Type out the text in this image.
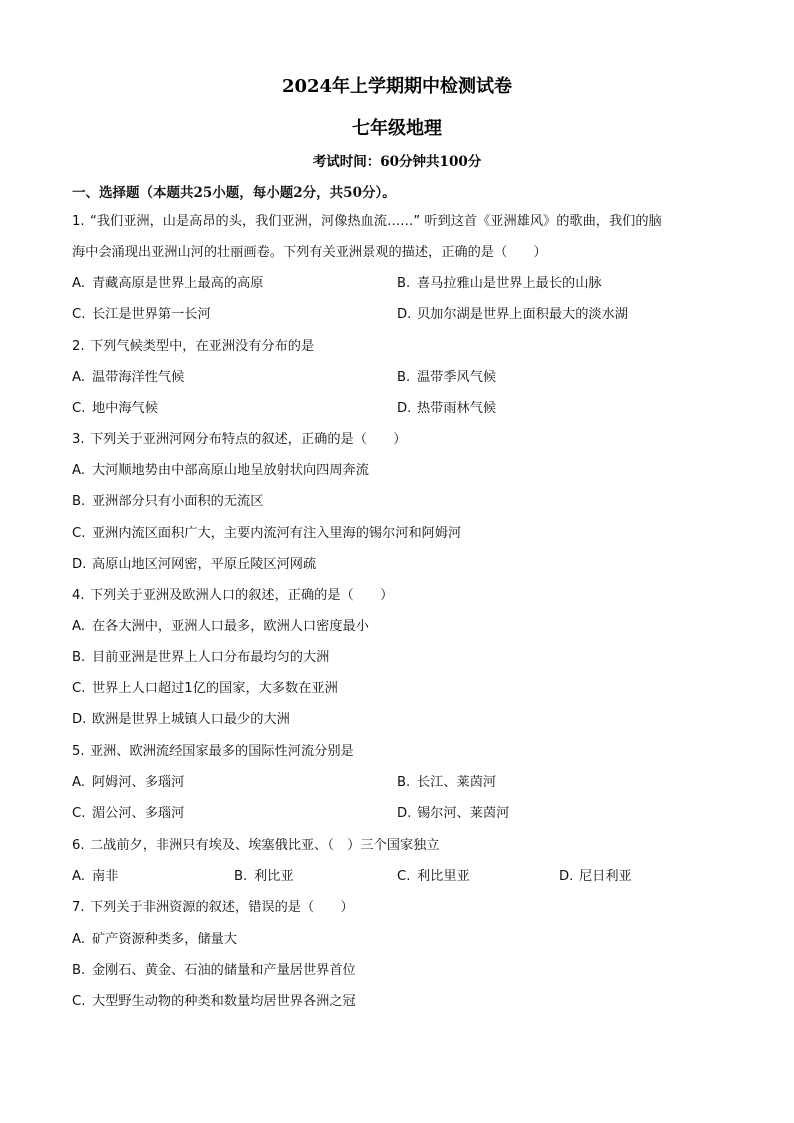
2024年上学期期中检测试卷
七年级地理
考试时间：60分钟共100分
一、选择题（本题共25小题，每小题2分，共50分）。
1. “我们亚洲，山是高昂的头，我们亚洲，河像热血流……” 听到这首《亚洲雄风》的歌曲，我们的脑
海中会涌现出亚洲山河的壮丽画卷。下列有关亚洲景观的描述，正确的是（　　）
A. 青藏高原是世界上最高的高原	B. 喜马拉雅山是世界上最长的山脉
C. 长江是世界第一长河	D. 贝加尔湖是世界上面积最大的淡水湖
2. 下列气候类型中，在亚洲没有分布的是
A. 温带海洋性气候	B. 温带季风气候
C. 地中海气候	D. 热带雨林气候
3. 下列关于亚洲河网分布特点的叙述，正确的是（　　）
A. 大河顺地势由中部高原山地呈放射状向四周奔流
B. 亚洲部分只有小面积的无流区
C. 亚洲内流区面积广大，主要内流河有注入里海的锡尔河和阿姆河
D. 高原山地区河网密，平原丘陵区河网疏
4. 下列关于亚洲及欧洲人口的叙述，正确的是（　　）
A. 在各大洲中，亚洲人口最多，欧洲人口密度最小
B. 目前亚洲是世界上人口分布最均匀的大洲
C. 世界上人口超过1亿的国家，大多数在亚洲
D. 欧洲是世界上城镇人口最少的大洲
5. 亚洲、欧洲流经国家最多的国际性河流分别是
A. 阿姆河、多瑙河	B. 长江、莱茵河
C. 湄公河、多瑙河	D. 锡尔河、莱茵河
6. 二战前夕，非洲只有埃及、埃塞俄比亚、（　）三个国家独立
A. 南非	B. 利比亚	C. 利比里亚	D. 尼日利亚
7. 下列关于非洲资源的叙述，错误的是（　　）
A. 矿产资源种类多，储量大
B. 金刚石、黄金、石油的储量和产量居世界首位
C. 大型野生动物的种类和数量均居世界各洲之冠
